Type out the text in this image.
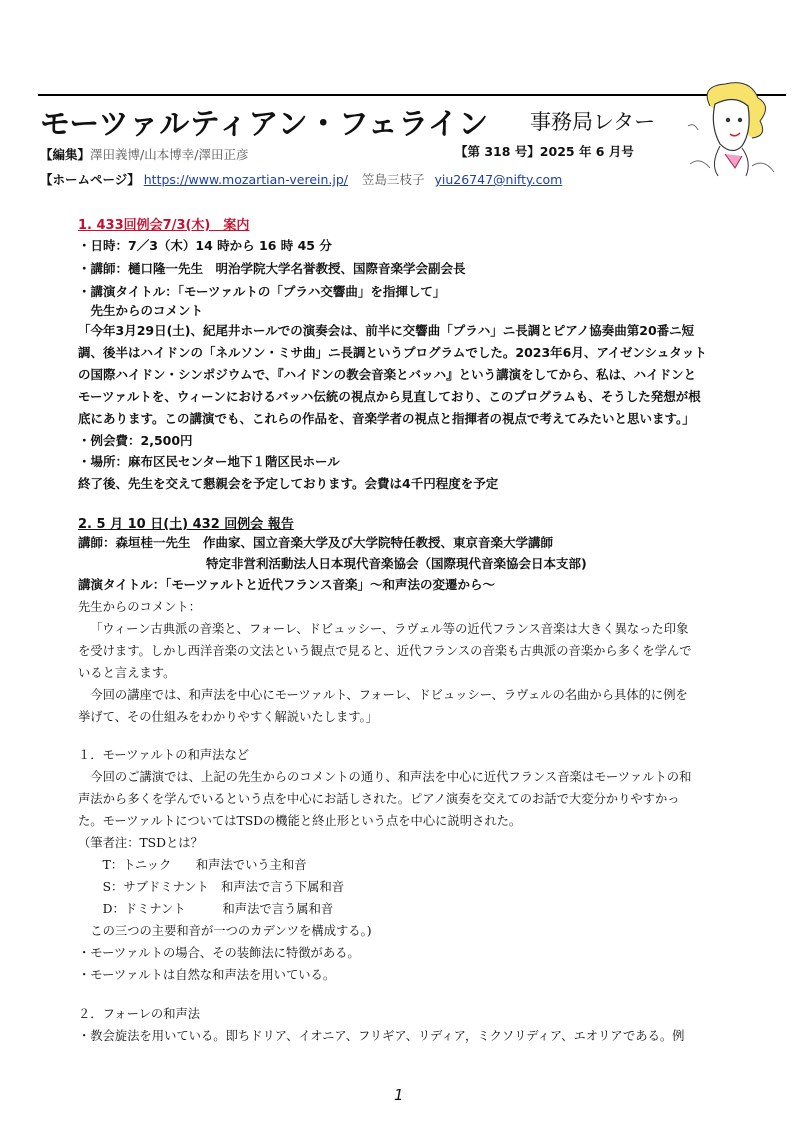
モーツァルティアン・フェライン 事務局レター
【編集】澤田義博/山本博幸/澤田正彦	【第 318 号】2025 年 6 月号
【ホームページ】 https://www.mozartian-verein.jp/ 笠島三枝子 yiu26747@nifty.com
1. 433回例会7/3(木)　案内
・日時：7／3（木）14 時から 16 時 45 分
・講師：樋口隆一先生　明治学院大学名誉教授、国際音楽学会副会長
・講演タイトル：「モーツァルトの「プラハ交響曲」を指揮して」
　先生からのコメント
「今年3月29日(土)、紀尾井ホールでの演奏会は、前半に交響曲「プラハ」ニ長調とピアノ協奏曲第20番ニ短
調、後半はハイドンの「ネルソン・ミサ曲」ニ長調というプログラムでした。2023年6月、アイゼンシュタット
の国際ハイドン・シンポジウムで、『ハイドンの教会音楽とバッハ』という講演をしてから、私は、ハイドンと
モーツァルトを、ウィーンにおけるバッハ伝統の視点から見直しており、このプログラムも、そうした発想が根
底にあります。この講演でも、これらの作品を、音楽学者の視点と指揮者の視点で考えてみたいと思います。」
・例会費：2,500円
・場所：麻布区民センター地下１階区民ホール
終了後、先生を交えて懇親会を予定しております。会費は4千円程度を予定
2. 5 月 10 日(土) 432 回例会 報告
講師：森垣桂一先生　作曲家、国立音楽大学及び大学院特任教授、東京音楽大学講師
特定非営利活動法人日本現代音楽協会（国際現代音楽協会日本支部)
講演タイトル：「モーツァルトと近代フランス音楽」～和声法の変遷から～
先生からのコメント：
「ウィーン古典派の音楽と、フォーレ、ドビュッシー、ラヴェル等の近代フランス音楽は大きく異なった印象
を受けます。しかし西洋音楽の文法という観点で見ると、近代フランスの音楽も古典派の音楽から多くを学んで
いると言えます。
　今回の講座では、和声法を中心にモーツァルト、フォーレ、ドビュッシー、ラヴェルの名曲から具体的に例を
挙げて、その仕組みをわかりやすく解説いたします。」
１．モーツァルトの和声法など
　今回のご講演では、上記の先生からのコメントの通り、和声法を中心に近代フランス音楽はモーツァルトの和
声法から多くを学んでいるという点を中心にお話しされた。ピアノ演奏を交えてのお話で大変分かりやすかっ
た。モーツァルトについてはTSDの機能と終止形という点を中心に説明された。
（筆者注：TSDとは？
　　T：トニック　　和声法でいう主和音
　　S：サブドミナント　和声法で言う下属和音
　　D：ドミナント　　　和声法で言う属和音
　この三つの主要和音が一つのカデンツを構成する。)
・モーツァルトの場合、その装飾法に特徴がある。
・モーツァルトは自然な和声法を用いている。
２．フォーレの和声法
・教会旋法を用いている。即ちドリア、イオニア、フリギア、リディア，ミクソリディア、エオリアである。例
1
